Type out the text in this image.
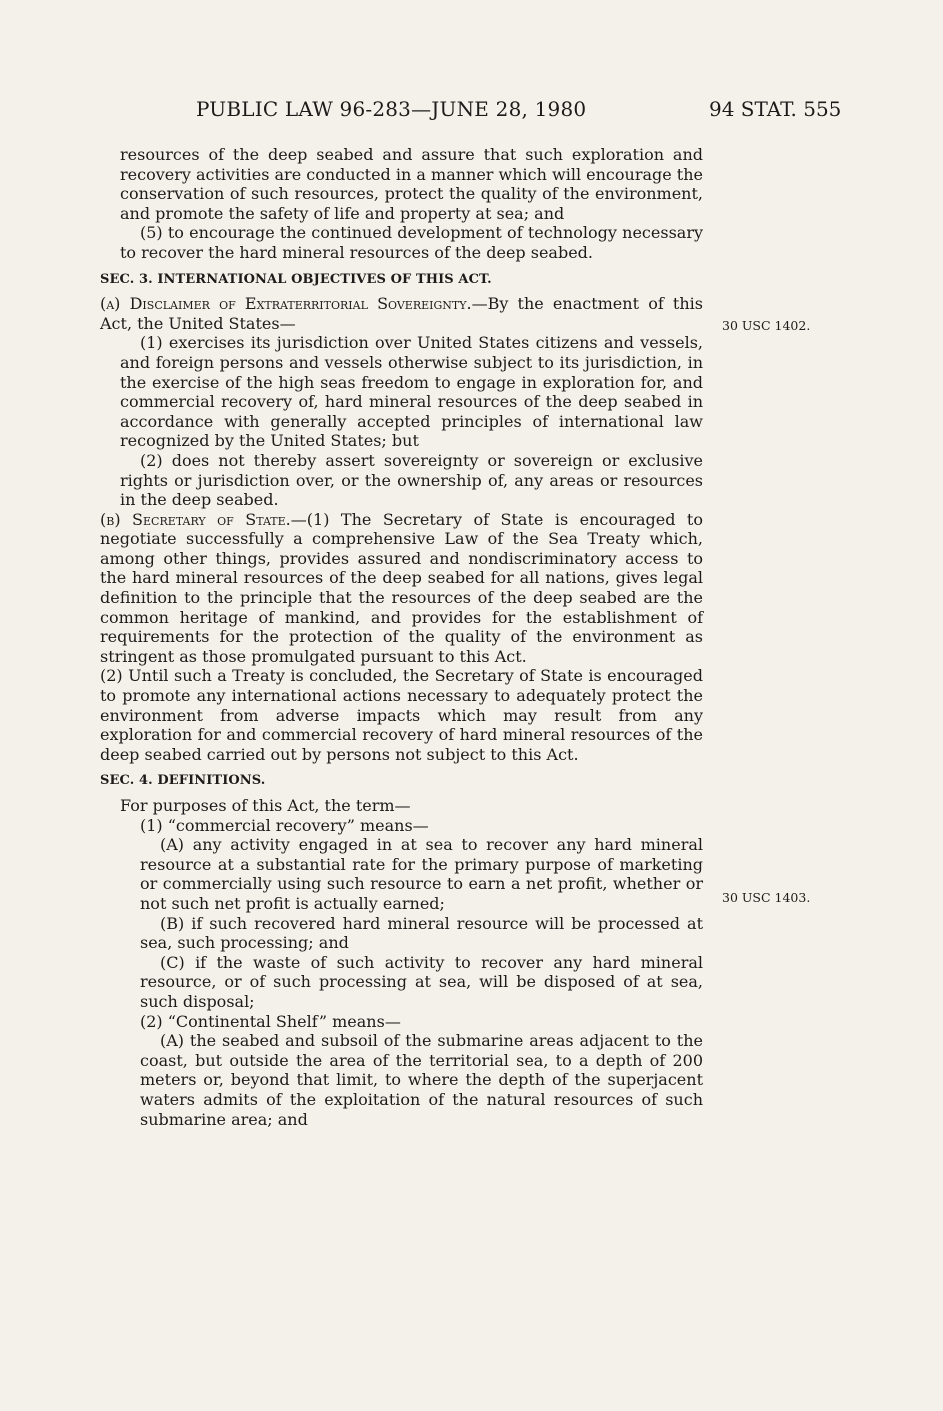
PUBLIC LAW 96-283—JUNE 28, 1980	94 STAT. 555
30 USC 1402.
30 USC 1403.

resources of the deep seabed and assure that such exploration and recovery activities are conducted in a manner which will encourage the conservation of such resources, protect the quality of the environment, and promote the safety of life and property at sea; and

(5) to encourage the continued development of technology necessary to recover the hard mineral resources of the deep seabed.

SEC. 3. INTERNATIONAL OBJECTIVES OF THIS ACT.

(a) Disclaimer of Extraterritorial Sovereignty.—By the enactment of this Act, the United States—

(1) exercises its jurisdiction over United States citizens and vessels, and foreign persons and vessels otherwise subject to its jurisdiction, in the exercise of the high seas freedom to engage in exploration for, and commercial recovery of, hard mineral resources of the deep seabed in accordance with generally accepted principles of international law recognized by the United States; but

(2) does not thereby assert sovereignty or sovereign or exclusive rights or jurisdiction over, or the ownership of, any areas or resources in the deep seabed.

(b) Secretary of State.—(1) The Secretary of State is encouraged to negotiate successfully a comprehensive Law of the Sea Treaty which, among other things, provides assured and nondiscriminatory access to the hard mineral resources of the deep seabed for all nations, gives legal definition to the principle that the resources of the deep seabed are the common heritage of mankind, and provides for the establishment of requirements for the protection of the quality of the environment as stringent as those promulgated pursuant to this Act.

(2) Until such a Treaty is concluded, the Secretary of State is encouraged to promote any international actions necessary to adequately protect the environment from adverse impacts which may result from any exploration for and commercial recovery of hard mineral resources of the deep seabed carried out by persons not subject to this Act.

SEC. 4. DEFINITIONS.

For purposes of this Act, the term—

(1) “commercial recovery” means—

(A) any activity engaged in at sea to recover any hard mineral resource at a substantial rate for the primary purpose of marketing or commercially using such resource to earn a net profit, whether or not such net profit is actually earned;

(B) if such recovered hard mineral resource will be processed at sea, such processing; and

(C) if the waste of such activity to recover any hard mineral resource, or of such processing at sea, will be disposed of at sea, such disposal;

(2) “Continental Shelf” means—

(A) the seabed and subsoil of the submarine areas adjacent to the coast, but outside the area of the territorial sea, to a depth of 200 meters or, beyond that limit, to where the depth of the superjacent waters admits of the exploitation of the natural resources of such submarine area; and
